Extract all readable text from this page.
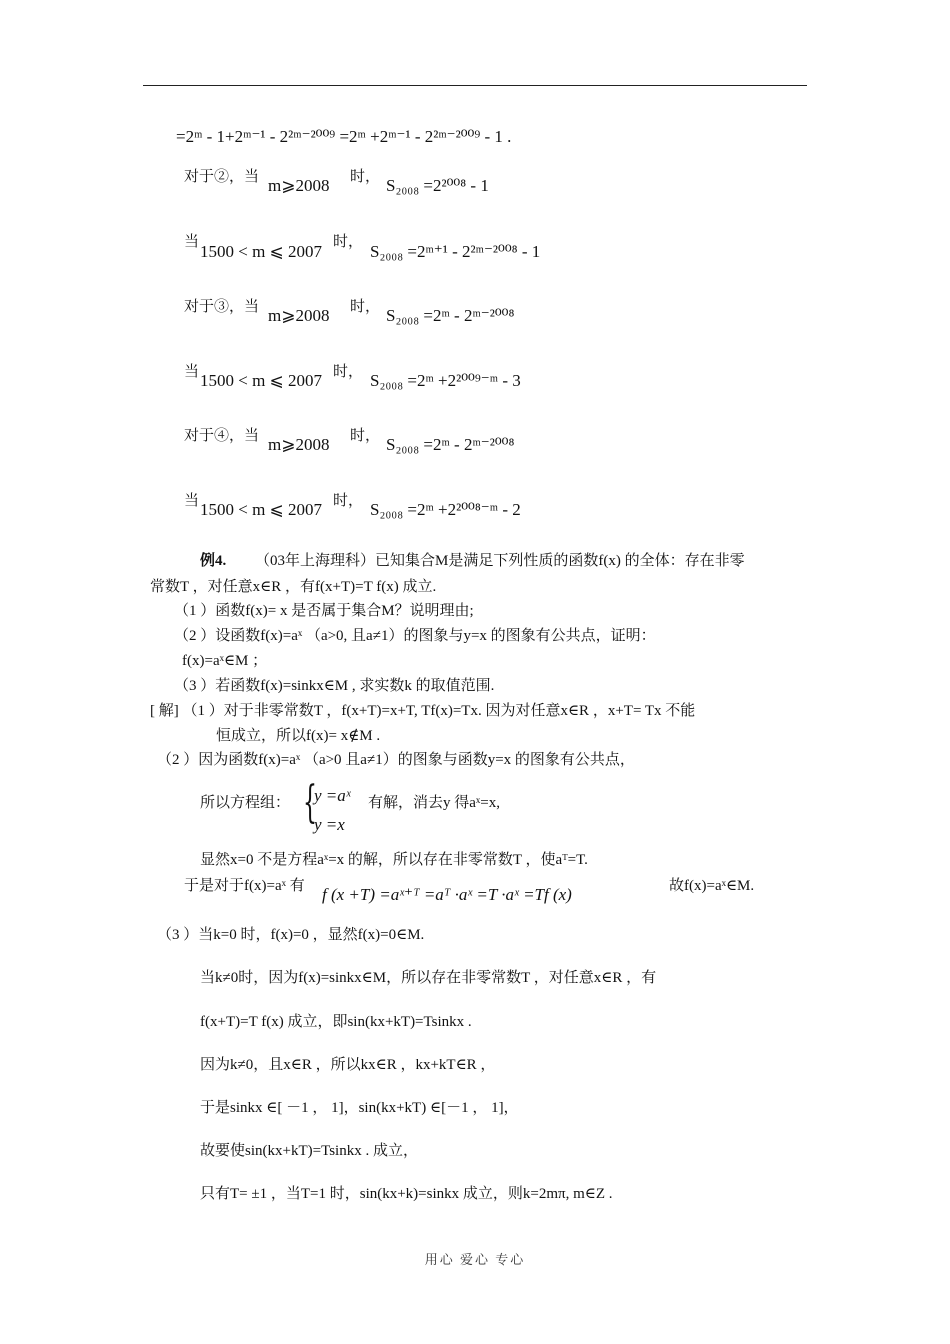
=2ᵐ - 1+2ᵐ⁻¹ - 2²ᵐ⁻²⁰⁰⁹ =2ᵐ +2ᵐ⁻¹ - 2²ᵐ⁻²⁰⁰⁹ - 1 .
对于②，当 m⩾2008 时， S₂₀₀₈ =2²⁰⁰⁸ - 1
当 1500 < m ⩽ 2007 时， S₂₀₀₈ =2ᵐ⁺¹ - 2²ᵐ⁻²⁰⁰⁸ - 1
对于③，当 m⩾2008 时， S₂₀₀₈ =2ᵐ - 2ᵐ⁻²⁰⁰⁸
当 1500 < m ⩽ 2007 时， S₂₀₀₈ =2ᵐ +2²⁰⁰⁹⁻ᵐ - 3
对于④，当 m⩾2008 时， S₂₀₀₈ =2ᵐ - 2ᵐ⁻²⁰⁰⁸
当 1500 < m ⩽ 2007 时， S₂₀₀₈ =2ᵐ +2²⁰⁰⁸⁻ᵐ - 2
例4. （03年上海理科）已知集合M是满足下列性质的函数f(x) 的全体：存在非零
常数T ，对任意x∈R ，有f(x+T)=T f(x) 成立.
（1 ）函数f(x)= x 是否属于集合M？说明理由;
（2 ）设函数f(x)=aˣ （a>0, 且a≠1）的图象与y=x 的图象有公共点，证明：
f(x)=aˣ∈M ；
（3 ）若函数f(x)=sinkx∈M , 求实数k 的取值范围.
[ 解] （1 ）对于非零常数T ，f(x+T)=x+T, Tf(x)=Tx. 因为对任意x∈R ，x+T= Tx 不能
恒成立，所以f(x)= x∉M .
（2 ）因为函数f(x)=aˣ （a>0 且a≠1）的图象与函数y=x 的图象有公共点，
所以方程组： {
y =aˣ
y =x
有解，消去y 得aˣ=x,
显然x=0 不是方程aˣ=x 的解，所以存在非零常数T ，使aᵀ=T.
于是对于f(x)=aˣ 有 f (x +T) =aˣ⁺ᵀ =aᵀ ·aˣ =T ·aˣ =Tf (x)	故f(x)=aˣ∈M.
（3 ）当k=0 时，f(x)=0 ，显然f(x)=0∈M.
当k≠0时，因为f(x)=sinkx∈M，所以存在非零常数T ，对任意x∈R ，有
f(x+T)=T f(x) 成立，即sin(kx+kT)=Tsinkx .
因为k≠0，且x∈R ，所以kx∈R ，kx+kT∈R ，
于是sinkx ∈[ －1 ， 1]，sin(kx+kT) ∈[－1 ， 1]，
故要使sin(kx+kT)=Tsinkx . 成立，
只有T= ±1 ，当T=1 时，sin(kx+k)=sinkx 成立，则k=2mπ, m∈Z .
用心 爱心 专心
